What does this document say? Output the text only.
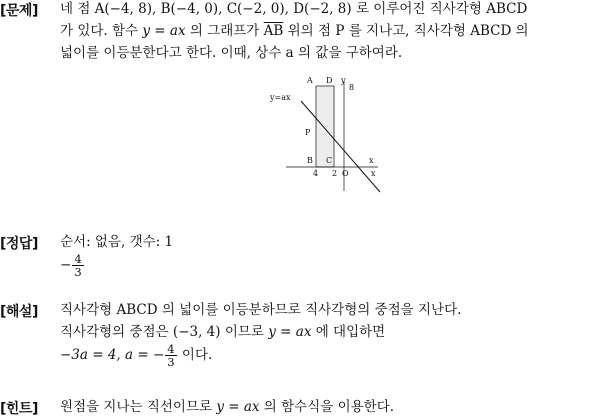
[문제] 네 점 A(−4, 8), B(−4, 0), C(−2, 0), D(−2, 8) 로 이루어진 직사각형 ABCD
가 있다. 함수 y = ax 의 그래프가 $\overline{AB}$ 위의 점 P 를 지나고, 직사각형 ABCD 의
넓이를 이등분한다고 한다. 이때, 상수 a 의 값을 구하여라.
y=ax
A D y
8
P
B C
O
x
4 2	x
[정답] 순서: 없음, 갯수: 1
− $\frac{4}{3}$
[해설] 직사각형 ABCD 의 넓이를 이등분하므로 직사각형의 중점을 지난다.
직사각형의 중점은 (−3, 4) 이므로 y = ax 에 대입하면
−3a = 4, a = − $\frac{4}{3}$ 이다.
[힌트] 원점을 지나는 직선이므로 y = ax 의 함수식을 이용한다.
